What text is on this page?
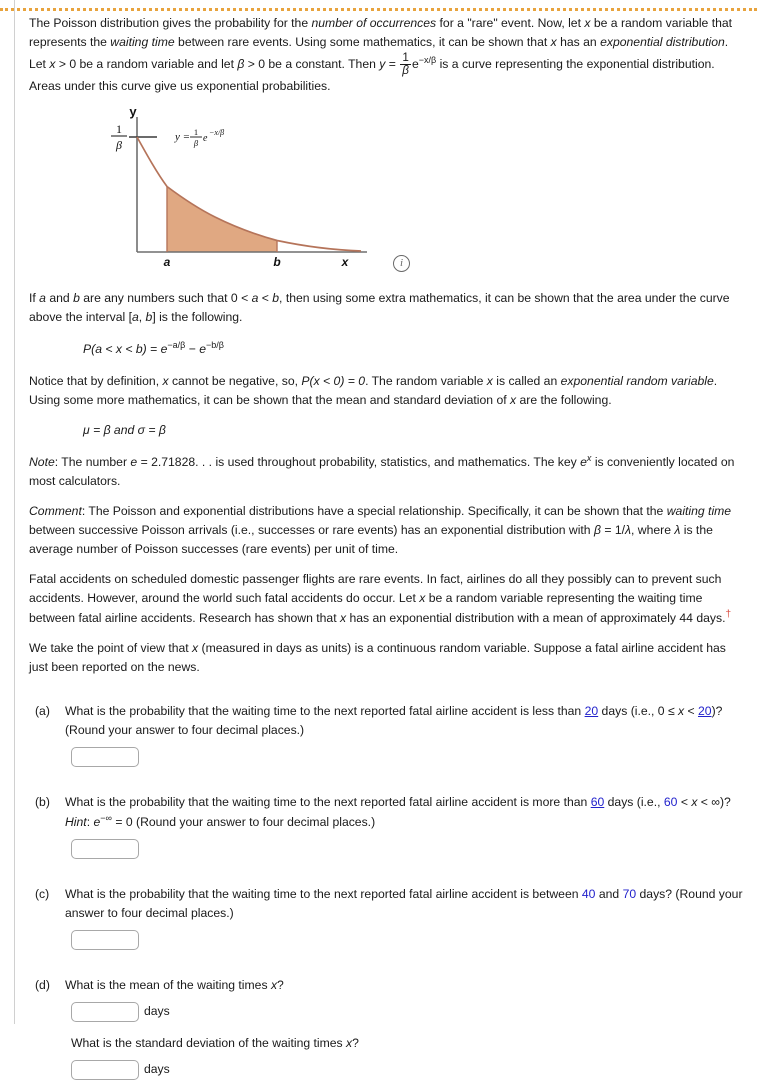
The Poisson distribution gives the probability for the number of occurrences for a "rare" event. Now, let x be a random variable that represents the waiting time between rare events. Using some mathematics, it can be shown that x has an exponential distribution. Let x > 0 be a random variable and let β > 0 be a constant. Then $y = \frac{1}{\beta} e^{-x/\beta}$ is a curve representing the exponential distribution. Areas under this curve give us exponential probabilities.

y
1
β
y = 1
β e
−x/β
a	b	x	i

If a and b are any numbers such that 0 < a < b, then using some extra mathematics, it can be shown that the area under the curve above the interval [a, b] is the following.

$P(a < x < b) = e^{-a/\beta} - e^{-b/\beta}$

Notice that by definition, x cannot be negative, so, P(x < 0) = 0. The random variable x is called an exponential random variable. Using some more mathematics, it can be shown that the mean and standard deviation of x are the following.

μ = β and σ = β

Note: The number e = 2.71828. . . is used throughout probability, statistics, and mathematics. The key $e^x$ is conveniently located on most calculators.

Comment: The Poisson and exponential distributions have a special relationship. Specifically, it can be shown that the waiting time between successive Poisson arrivals (i.e., successes or rare events) has an exponential distribution with β = 1/λ, where λ is the average number of Poisson successes (rare events) per unit of time.

Fatal accidents on scheduled domestic passenger flights are rare events. In fact, airlines do all they possibly can to prevent such accidents. However, around the world such fatal accidents do occur. Let x be a random variable representing the waiting time between fatal airline accidents. Research has shown that x has an exponential distribution with a mean of approximately 44 days.†

We take the point of view that x (measured in days as units) is a continuous random variable. Suppose a fatal airline accident has just been reported on the news.

(a)	What is the probability that the waiting time to the next reported fatal airline accident is less than 20 days (i.e., 0 ≤ x < 20)? (Round your answer to four decimal places.)
(b)	What is the probability that the waiting time to the next reported fatal airline accident is more than 60 days (i.e., 60 < x < ∞)? Hint: e−∞ = 0 (Round your answer to four decimal places.)
(c)	What is the probability that the waiting time to the next reported fatal airline accident is between 40 and 70 days? (Round your answer to four decimal places.)
(d)	What is the mean of the waiting times x?
days
What is the standard deviation of the waiting times x?
days
